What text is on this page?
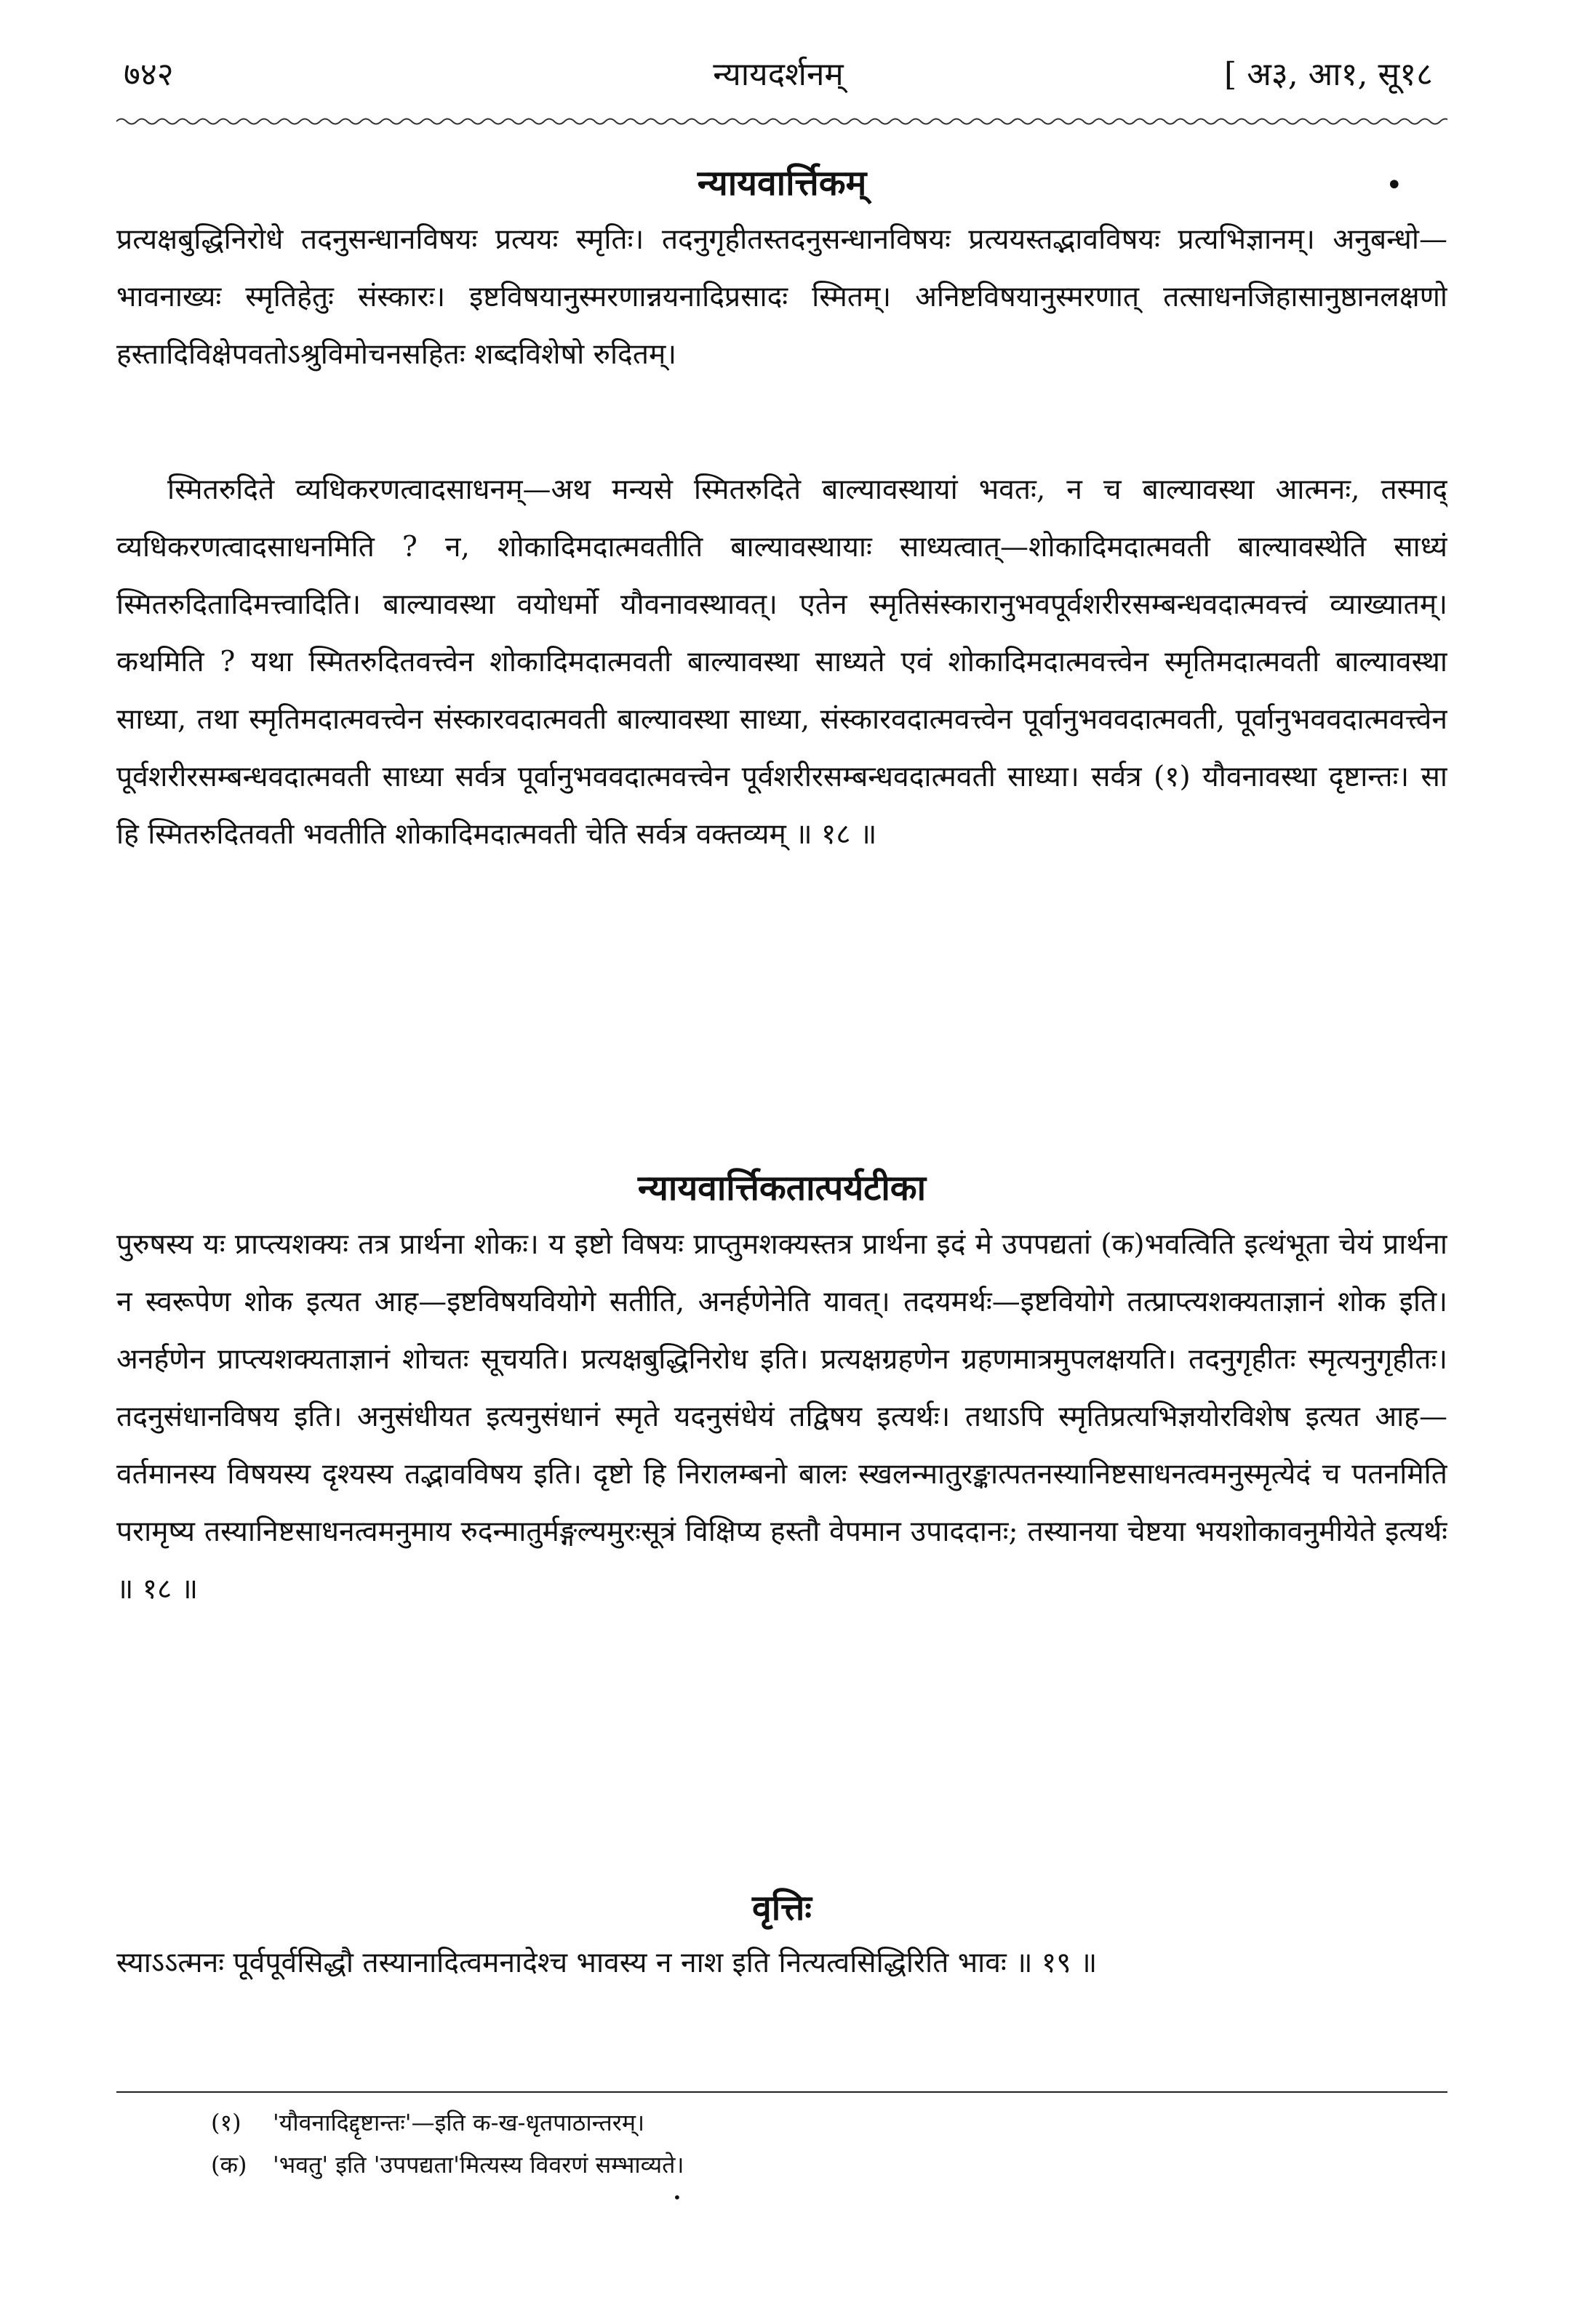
७४२	न्यायदर्शनम्	[ अ३, आ१, सू१८
न्यायवार्त्तिकम्	•

प्रत्यक्षबुद्धिनिरोधे तदनुसन्धानविषयः प्रत्ययः स्मृतिः। तदनुगृहीतस्तदनुसन्धानविषयः प्रत्ययस्तद्भावविषयः प्रत्यभिज्ञानम्। अनुबन्धो—भावनाख्यः स्मृतिहेतुः संस्कारः। इष्टविषयानुस्मरणान्नयनादिप्रसादः स्मितम्। अनिष्टविषयानुस्मरणात् तत्साधनजिहासानुष्ठानलक्षणो हस्तादिविक्षेपवतोऽश्रुविमोचनसहितः शब्दविशेषो रुदितम्।

स्मितरुदिते व्यधिकरणत्वादसाधनम्—अथ मन्यसे स्मितरुदिते बाल्यावस्थायां भवतः, न च बाल्यावस्था आत्मनः, तस्माद् व्यधिकरणत्वादसाधनमिति ? न, शोकादिमदात्मवतीति बाल्यावस्थायाः साध्यत्वात्—शोकादिमदात्मवती बाल्यावस्थेति साध्यं स्मितरुदितादिमत्त्वादिति। बाल्यावस्था वयोधर्मो यौवनावस्थावत्। एतेन स्मृतिसंस्कारानुभवपूर्वशरीरसम्बन्धवदात्मवत्त्वं व्याख्यातम्। कथमिति ? यथा स्मितरुदितवत्त्वेन शोकादिमदात्मवती बाल्यावस्था साध्यते एवं शोकादिमदात्मवत्त्वेन स्मृतिमदात्मवती बाल्यावस्था साध्या, तथा स्मृतिमदात्मवत्त्वेन संस्कारवदात्मवती बाल्यावस्था साध्या, संस्कारवदात्मवत्त्वेन पूर्वानुभववदात्मवती, पूर्वानुभववदात्मवत्त्वेन पूर्वशरीरसम्बन्धवदात्मवती साध्या सर्वत्र पूर्वानुभववदात्मवत्त्वेन पूर्वशरीरसम्बन्धवदात्मवती साध्या। सर्वत्र (१) यौवनावस्था दृष्टान्तः। सा हि स्मितरुदितवती भवतीति शोकादिमदात्मवती चेति सर्वत्र वक्तव्यम् ॥ १८ ॥

न्यायवार्त्तिकतात्पर्यटीका

पुरुषस्य यः प्राप्त्यशक्यः तत्र प्रार्थना शोकः। य इष्टो विषयः प्राप्तुमशक्यस्तत्र प्रार्थना इदं मे उपपद्यतां (क)भवत्विति इत्थंभूता चेयं प्रार्थना न स्वरूपेण शोक इत्यत आह—इष्टविषयवियोगे सतीति, अनर्हणेनेति यावत्। तदयमर्थः—इष्टवियोगे तत्प्राप्त्यशक्यताज्ञानं शोक इति। अनर्हणेन प्राप्त्यशक्यताज्ञानं शोचतः सूचयति। प्रत्यक्षबुद्धिनिरोध इति। प्रत्यक्षग्रहणेन ग्रहणमात्रमुपलक्षयति। तदनुगृहीतः स्मृत्यनुगृहीतः। तदनुसंधानविषय इति। अनुसंधीयत इत्यनुसंधानं स्मृते यदनुसंधेयं तद्विषय इत्यर्थः। तथाऽपि स्मृतिप्रत्यभिज्ञयोरविशेष इत्यत आह—वर्तमानस्य विषयस्य दृश्यस्य तद्भावविषय इति। दृष्टो हि निरालम्बनो बालः स्खलन्मातुरङ्कात्पतनस्यानिष्टसाधनत्वमनुस्मृत्येदं च पतनमिति परामृष्य तस्यानिष्टसाधनत्वमनुमाय रुदन्मातुर्मङ्गल्यमुरःसूत्रं विक्षिप्य हस्तौ वेपमान उपाददानः; तस्यानया चेष्टया भयशोकावनुमीयेते इत्यर्थः ॥ १८ ॥

वृत्तिः

स्याऽऽत्मनः पूर्वपूर्वसिद्धौ तस्यानादित्वमनादेश्च भावस्य न नाश इति नित्यत्वसिद्धिरिति भावः ॥ १९ ॥

(१)	'यौवनादिद्दृष्टान्तः'—इति क-ख-धृतपाठान्तरम्।
(क)	'भवतु' इति 'उपपद्यता'मित्यस्य विवरणं सम्भाव्यते।
•
